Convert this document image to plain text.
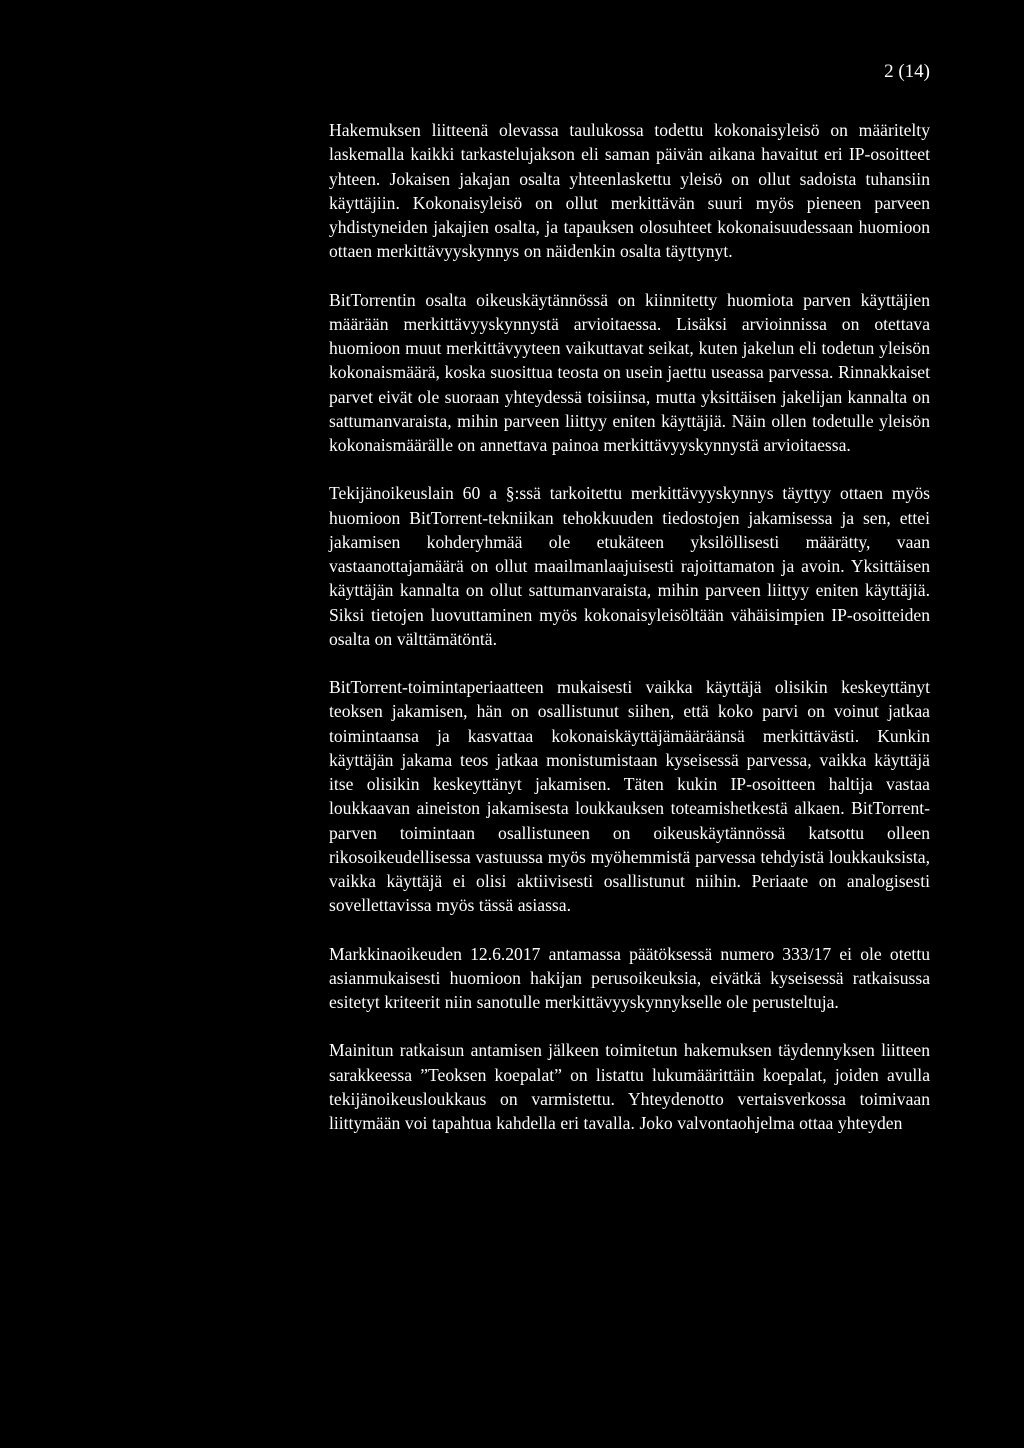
2 (14)

Hakemuksen liitteenä olevassa taulukossa todettu kokonaisyleisö on määritelty laskemalla kaikki tarkastelujakson eli saman päivän aikana havaitut eri IP-osoitteet yhteen. Jokaisen jakajan osalta yhteenlaskettu yleisö on ollut sadoista tuhansiin käyttäjiin. Kokonaisyleisö on ollut merkittävän suuri myös pieneen parveen yhdistyneiden jakajien osalta, ja tapauksen olosuhteet kokonaisuudessaan huomioon ottaen merkittävyyskynnys on näidenkin osalta täyttynyt.

BitTorrentin osalta oikeuskäytännössä on kiinnitetty huomiota parven käyttäjien määrään merkittävyyskynnystä arvioitaessa. Lisäksi arvioinnissa on otettava huomioon muut merkittävyyteen vaikuttavat seikat, kuten jakelun eli todetun yleisön kokonaismäärä, koska suosittua teosta on usein jaettu useassa parvessa. Rinnakkaiset parvet eivät ole suoraan yhteydessä toisiinsa, mutta yksittäisen jakelijan kannalta on sattumanvaraista, mihin parveen liittyy eniten käyttäjiä. Näin ollen todetulle yleisön kokonaismäärälle on annettava painoa merkittävyyskynnystä arvioitaessa.

Tekijänoikeuslain 60 a §:ssä tarkoitettu merkittävyyskynnys täyttyy ottaen myös huomioon BitTorrent-tekniikan tehokkuuden tiedostojen jakamisessa ja sen, ettei jakamisen kohderyhmää ole etukäteen yksilöllisesti määrätty, vaan vastaanottajamäärä on ollut maailmanlaajuisesti rajoittamaton ja avoin. Yksittäisen käyttäjän kannalta on ollut sattumanvaraista, mihin parveen liittyy eniten käyttäjiä. Siksi tietojen luovuttaminen myös kokonaisyleisöltään vähäisimpien IP-osoitteiden osalta on välttämätöntä.

BitTorrent-toimintaperiaatteen mukaisesti vaikka käyttäjä olisikin keskeyttänyt teoksen jakamisen, hän on osallistunut siihen, että koko parvi on voinut jatkaa toimintaansa ja kasvattaa kokonaiskäyttäjämääräänsä merkittävästi. Kunkin käyttäjän jakama teos jatkaa monistumistaan kyseisessä parvessa, vaikka käyttäjä itse olisikin keskeyttänyt jakamisen. Täten kukin IP-osoitteen haltija vastaa loukkaavan aineiston jakamisesta loukkauksen toteamishetkestä alkaen. BitTorrent-parven toimintaan osallistuneen on oikeuskäytännössä katsottu olleen rikosoikeudellisessa vastuussa myös myöhemmistä parvessa tehdyistä loukkauksista, vaikka käyttäjä ei olisi aktiivisesti osallistunut niihin. Periaate on analogisesti sovellettavissa myös tässä asiassa.

Markkinaoikeuden 12.6.2017 antamassa päätöksessä numero 333/17 ei ole otettu asianmukaisesti huomioon hakijan perusoikeuksia, eivätkä kyseisessä ratkaisussa esitetyt kriteerit niin sanotulle merkittävyyskynnykselle ole perusteltuja.

Mainitun ratkaisun antamisen jälkeen toimitetun hakemuksen täydennyksen liitteen sarakkeessa ”Teoksen koepalat” on listattu lukumäärittäin koepalat, joiden avulla tekijänoikeusloukkaus on varmistettu. Yhteydenotto vertaisverkossa toimivaan liittymään voi tapahtua kahdella eri tavalla. Joko valvontaohjelma ottaa yhteyden
